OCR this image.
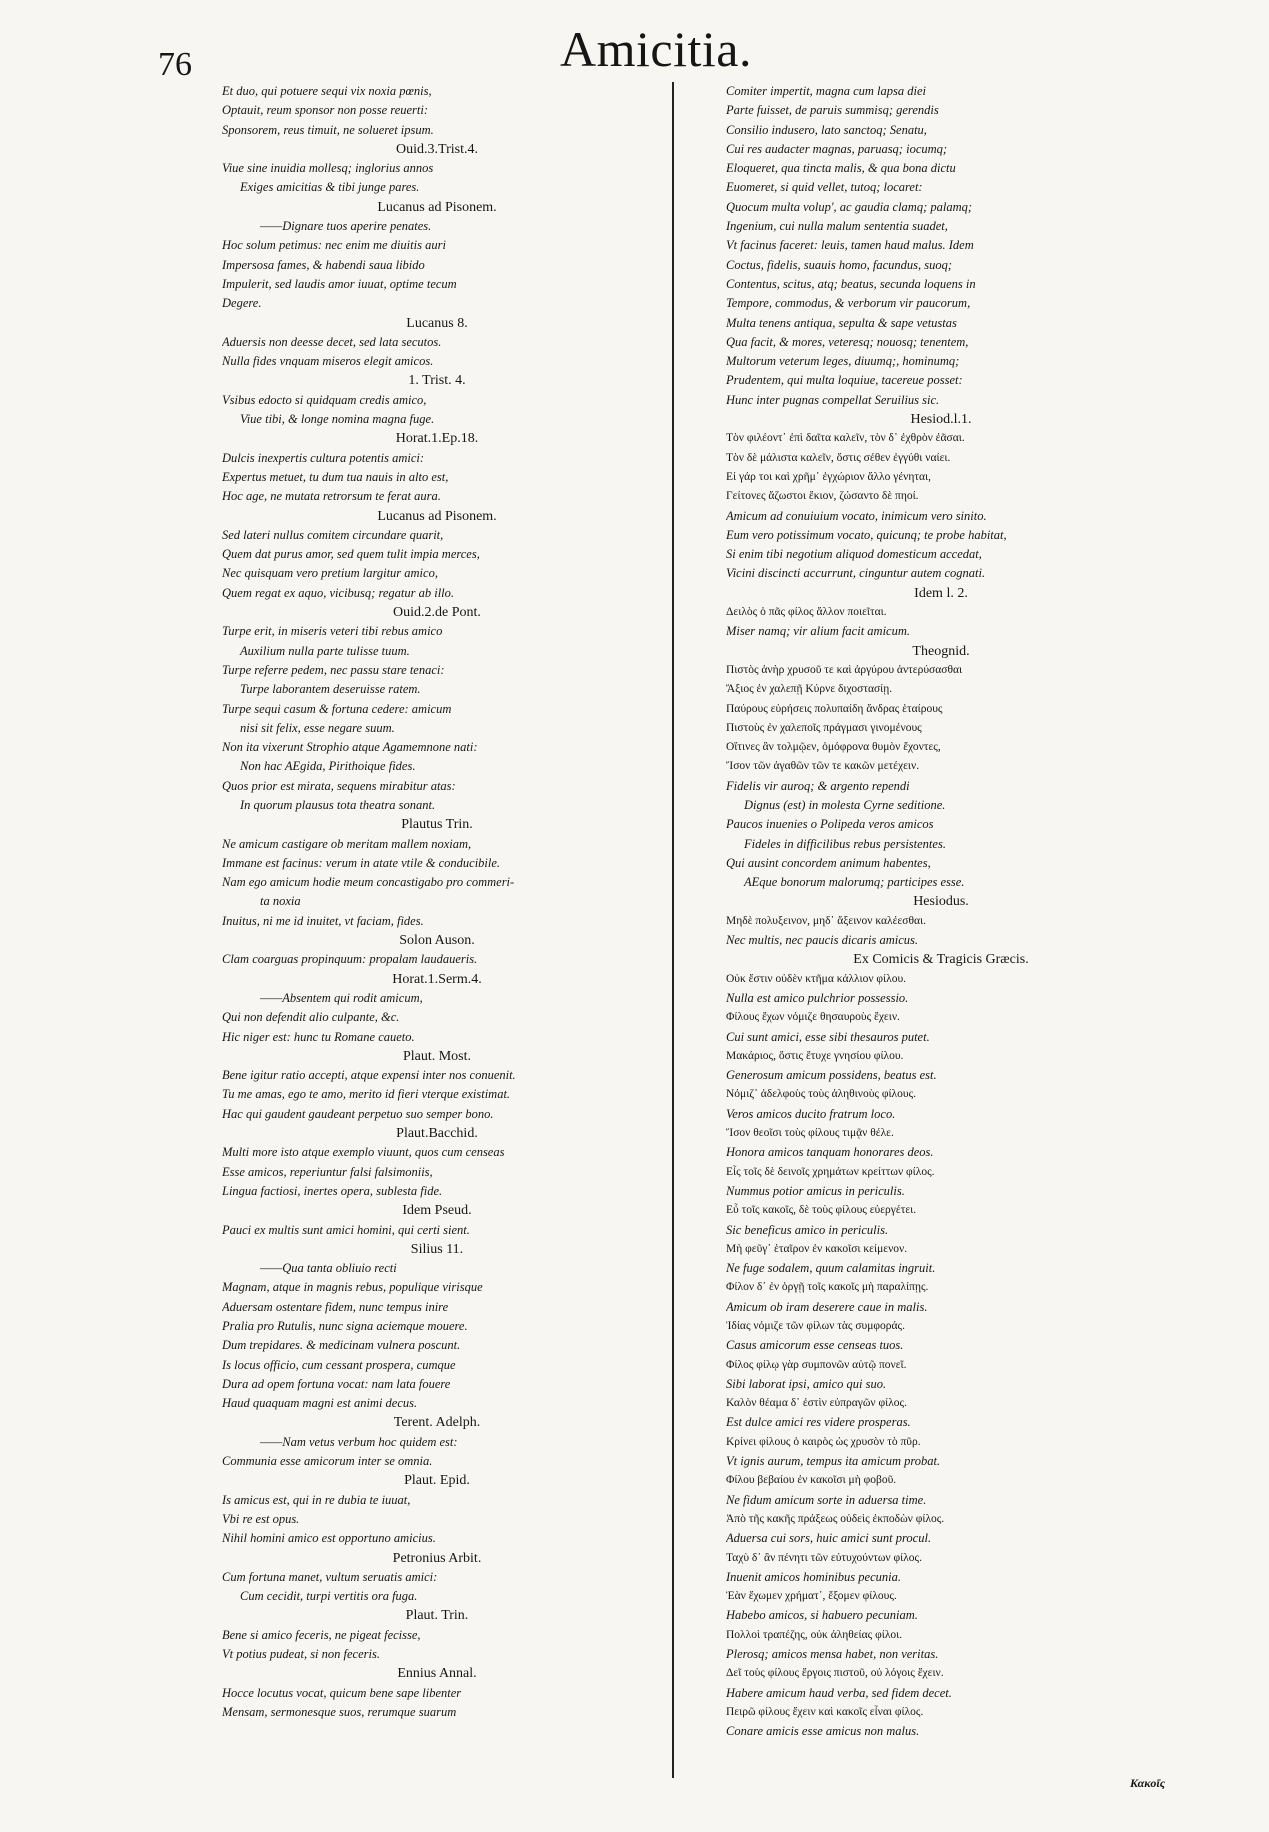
76	Amicitia.
Et duo, qui potuere sequi vix noxia pœnis,
Optauit, reum sponsor non posse reuerti:
Sponsorem, reus timuit, ne solueret ipsum.
Ouid.3.Trist.4.
Viue sine inuidia mollesq; inglorius annos
Exiges amicitias & tibi junge pares.
Lucanus ad Pisonem.
——Dignare tuos aperire penates.
Hoc solum petimus: nec enim me diuitis auri
Impersosa fames, & habendi saua libido
Impulerit, sed laudis amor iuuat, optime tecum
Degere.
Lucanus 8.
Aduersis non deesse decet, sed lata secutos.
Nulla fides vnquam miseros elegit amicos.
1. Trist. 4.
Vsibus edocto si quidquam credis amico,
Viue tibi, & longe nomina magna fuge.
Horat.1.Ep.18.
Dulcis inexpertis cultura potentis amici:
Expertus metuet, tu dum tua nauis in alto est,
Hoc age, ne mutata retrorsum te ferat aura.
Lucanus ad Pisonem.
Sed lateri nullus comitem circundare quarit,
Quem dat purus amor, sed quem tulit impia merces,
Nec quisquam vero pretium largitur amico,
Quem regat ex aquo, vicibusq; regatur ab illo.
Ouid.2.de Pont.
Turpe erit, in miseris veteri tibi rebus amico
Auxilium nulla parte tulisse tuum.
Turpe referre pedem, nec passu stare tenaci:
Turpe laborantem deseruisse ratem.
Turpe sequi casum & fortuna cedere: amicum
nisi sit felix, esse negare suum.
Non ita vixerunt Strophio atque Agamemnone nati:
Non hac AEgida, Pirithoique fides.
Quos prior est mirata, sequens mirabitur atas:
In quorum plausus tota theatra sonant.
Plautus Trin.
Ne amicum castigare ob meritam mallem noxiam,
Immane est facinus: verum in atate vtile & conducibile.
Nam ego amicum hodie meum concastigabo pro commeri-
ta noxia
Inuitus, ni me id inuitet, vt faciam, fides.
Solon Auson.
Clam coarguas propinquum: propalam laudaueris.
Horat.1.Serm.4.
——Absentem qui rodit amicum,
Qui non defendit alio culpante, &c.
Hic niger est: hunc tu Romane caueto.
Plaut. Most.
Bene igitur ratio accepti, atque expensi inter nos conuenit.
Tu me amas, ego te amo, merito id fieri vterque existimat.
Hac qui gaudent gaudeant perpetuo suo semper bono.
Plaut.Bacchid.
Multi more isto atque exemplo viuunt, quos cum censeas
Esse amicos, reperiuntur falsi falsimoniis,
Lingua factiosi, inertes opera, sublesta fide.
Idem Pseud.
Pauci ex multis sunt amici homini, qui certi sient.
Silius 11.
——Qua tanta obliuio recti
Magnam, atque in magnis rebus, populique virisque
Aduersam ostentare fidem, nunc tempus inire
Pralia pro Rutulis, nunc signa aciemque mouere.
Dum trepidares. & medicinam vulnera poscunt.
Is locus officio, cum cessant prospera, cumque
Dura ad opem fortuna vocat: nam lata fouere
Haud quaquam magni est animi decus.
Terent. Adelph.
——Nam vetus verbum hoc quidem est:
Communia esse amicorum inter se omnia.
Plaut. Epid.
Is amicus est, qui in re dubia te iuuat,
Vbi re est opus.
Nihil homini amico est opportuno amicius.
Petronius Arbit.
Cum fortuna manet, vultum seruatis amici:
Cum cecidit, turpi vertitis ora fuga.
Plaut. Trin.
Bene si amico feceris, ne pigeat fecisse,
Vt potius pudeat, si non feceris.
Ennius Annal.
Hocce locutus vocat, quicum bene sape libenter
Mensam, sermonesque suos, rerumque suarum
Comiter impertit, magna cum lapsa diei
Parte fuisset, de paruis summisq; gerendis
Consilio indusero, lato sanctoq; Senatu,
Cui res audacter magnas, paruasq; iocumq;
Eloqueret, qua tincta malis, & qua bona dictu
Euomeret, si quid vellet, tutoq; locaret:
Quocum multa volup', ac gaudia clamq; palamq;
Ingenium, cui nulla malum sententia suadet,
Vt facinus faceret: leuis, tamen haud malus. Idem
Coctus, fidelis, suauis homo, facundus, suoq;
Contentus, scitus, atq; beatus, secunda loquens in
Tempore, commodus, & verborum vir paucorum,
Multa tenens antiqua, sepulta & sape vetustas
Qua facit, & mores, veteresq; nouosq; tenentem,
Multorum veterum leges, diuumq;, hominumq;
Prudentem, qui multa loquiue, tacereue posset:
Hunc inter pugnas compellat Seruilius sic.
Hesiod.l.1.
Τὸν φιλέοντ᾽ ἐπὶ δαῖτα καλεῖν, τὸν δ᾽ ἐχθρὸν ἐᾶσαι.
Τὸν δὲ μάλιστα καλεῖν, ὅστις σέθεν ἐγγύθι ναίει.
Εἰ γάρ τοι καὶ χρῆμ᾽ ἐγχώριον ἄλλο γένηται,
Γείτονες ἄζωστοι ἔκιον, ζώσαντο δὲ πηοί.
Amicum ad conuiuium vocato, inimicum vero sinito.
Eum vero potissimum vocato, quicunq; te probe habitat,
Si enim tibi negotium aliquod domesticum accedat,
Vicini discincti accurrunt, cinguntur autem cognati.
Idem l. 2.
Δειλὸς ὁ πᾶς φίλος ἄλλον ποιεῖται.
Miser namq; vir alium facit amicum.
Theognid.
Πιστὸς ἀνὴρ χρυσοῦ τε καὶ ἀργύρου ἀντερύσασθαι
Ἄξιος ἐν χαλεπῇ Κύρνε διχοστασίῃ.
Παύρους εὑρήσεις πολυπαίδη ἄνδρας ἑταίρους
Πιστοὺς ἐν χαλεποῖς πράγμασι γινομένους
Οἵτινες ἂν τολμῷεν, ὁμόφρονα θυμὸν ἔχοντες,
Ἴσον τῶν ἀγαθῶν τῶν τε κακῶν μετέχειν.
Fidelis vir auroq; & argento rependi
Dignus (est) in molesta Cyrne seditione.
Paucos inuenies o Polipeda veros amicos
Fideles in difficilibus rebus persistentes.
Qui ausint concordem animum habentes,
AEque bonorum malorumq; participes esse.
Hesiodus.
Μηδὲ πολυξεινον, μηδ᾽ ἄξεινον καλέεσθαι.
Nec multis, nec paucis dicaris amicus.
Ex Comicis & Tragicis Græcis.
Οὐκ ἔστιν οὐδὲν κτῆμα κάλλιον φίλου.
Nulla est amico pulchrior possessio.
Φίλους ἔχων νόμιζε θησαυροὺς ἔχειν.
Cui sunt amici, esse sibi thesauros putet.
Μακάριος, ὅστις ἔτυχε γνησίου φίλου.
Generosum amicum possidens, beatus est.
Νόμιζ᾽ ἀδελφοὺς τοὺς ἀληθινοὺς φίλους.
Veros amicos ducito fratrum loco.
Ἴσον θεοῖσι τοὺς φίλους τιμᾷν θέλε.
Honora amicos tanquam honorares deos.
Εἷς τοῖς δὲ δεινοῖς χρημάτων κρείττων φίλος.
Nummus potior amicus in periculis.
Εὖ τοῖς κακοῖς, δὲ τοὺς φίλους εὐεργέτει.
Sic beneficus amico in periculis.
Μὴ φεῦγ᾽ ἑταῖρον ἐν κακοῖσι κείμενον.
Ne fuge sodalem, quum calamitas ingruit.
Φίλον δ᾽ ἐν ὀργῇ τοῖς κακοῖς μὴ παραλίπῃς.
Amicum ob iram deserere caue in malis.
Ἰδίας νόμιζε τῶν φίλων τὰς συμφοράς.
Casus amicorum esse censeas tuos.
Φίλος φίλῳ γὰρ συμπονῶν αὑτῷ πονεῖ.
Sibi laborat ipsi, amico qui suo.
Καλὸν θέαμα δ᾽ ἐστὶν εὐπραγῶν φίλος.
Est dulce amici res videre prosperas.
Κρίνει φίλους ὁ καιρὸς ὡς χρυσὸν τὸ πῦρ.
Vt ignis aurum, tempus ita amicum probat.
Φίλου βεβαίου ἐν κακοῖσι μὴ φοβοῦ.
Ne fidum amicum sorte in aduersa time.
Ἀπὸ τῆς κακῆς πράξεως οὐδεὶς ἐκποδὼν φίλος.
Aduersa cui sors, huic amici sunt procul.
Ταχὺ δ᾽ ἂν πένητι τῶν εὐτυχούντων φίλος.
Inuenit amicos hominibus pecunia.
Ἐὰν ἔχωμεν χρήματ᾽, ἕξομεν φίλους.
Habebo amicos, si habuero pecuniam.
Πολλοὶ τραπέζης, οὐκ ἀληθείας φίλοι.
Plerosq; amicos mensa habet, non veritas.
Δεῖ τοὺς φίλους ἔργοις πιστοῦ, οὐ λόγοις ἔχειν.
Habere amicum haud verba, sed fidem decet.
Πειρῶ φίλους ἔχειν καὶ κακοῖς εἶναι φίλος.
Conare amicis esse amicus non malus.
Κακοῖς
